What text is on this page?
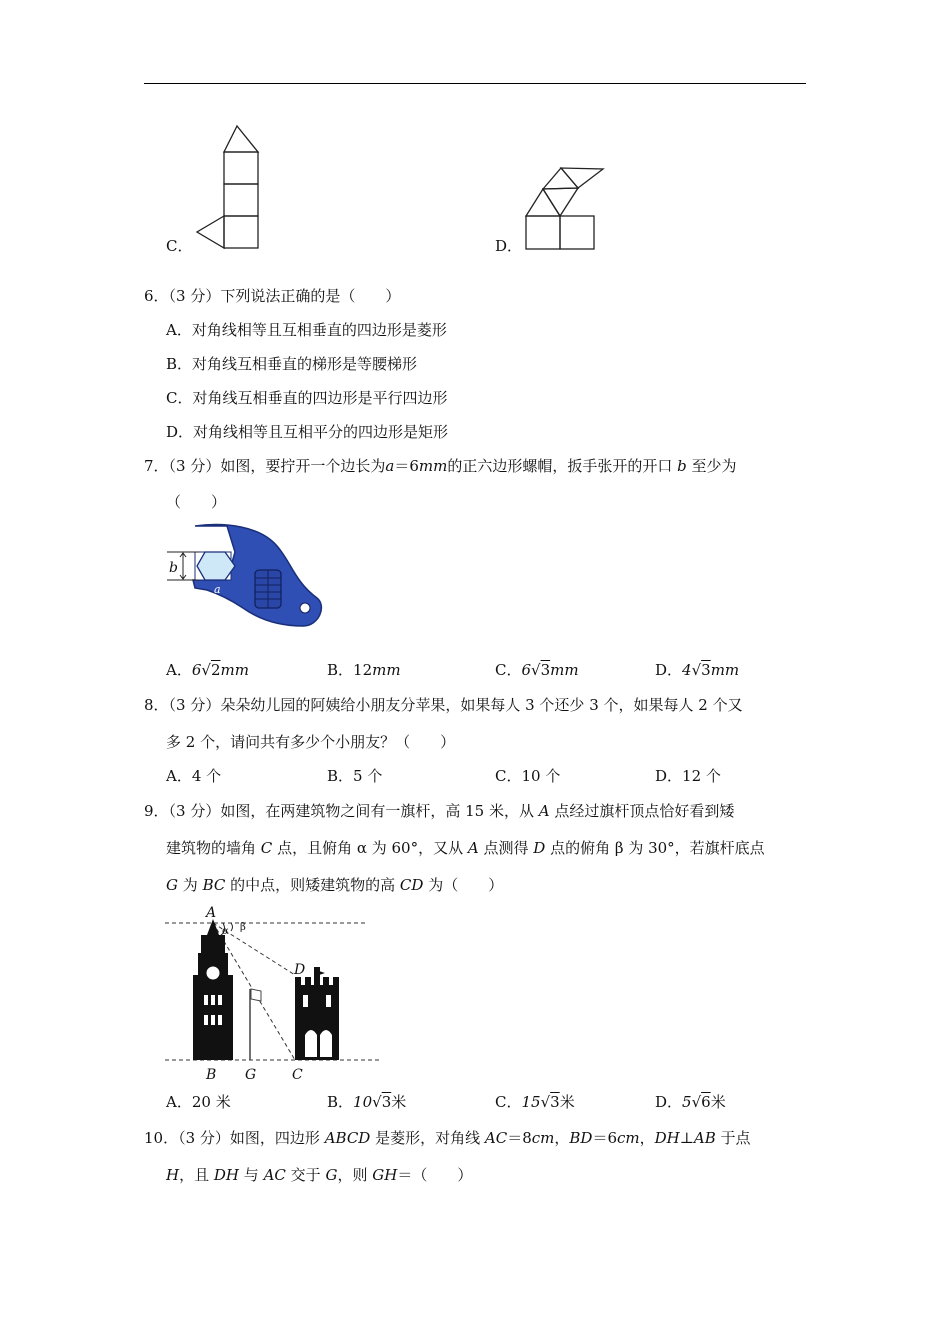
C．	D．
6．（3 分）下列说法正确的是（　　）
A．对角线相等且互相垂直的四边形是菱形
B．对角线互相垂直的梯形是等腰梯形
C．对角线互相垂直的四边形是平行四边形
D．对角线相等且互相平分的四边形是矩形
7．（3 分）如图，要拧开一个边长为a＝6mm的正六边形螺帽，扳手张开的开口 b 至少为
（　　）
b
a
A．6√2mm	B．12mm	C．6√3mm	D．4√3mm
8．（3 分）朵朵幼儿园的阿姨给小朋友分苹果，如果每人 3 个还少 3 个，如果每人 2 个又
多 2 个，请问共有多少个小朋友？（　　）
A．4 个	B．5 个	C．10 个	D．12 个
9．（3 分）如图，在两建筑物之间有一旗杆，高 15 米，从 A 点经过旗杆顶点恰好看到矮
建筑物的墙角 C 点，且俯角 α 为 60°，又从 A 点测得 D 点的俯角 β 为 30°，若旗杆底点
G 为 BC 的中点，则矮建筑物的高 CD 为（　　）
A
D
B G	C
α β
A．20 米	B．10√3米	C．15√3米	D．5√6米
10．（3 分）如图，四边形 ABCD 是菱形，对角线 AC＝8cm，BD＝6cm，DH⊥AB 于点
H，且 DH 与 AC 交于 G，则 GH＝（　　）
